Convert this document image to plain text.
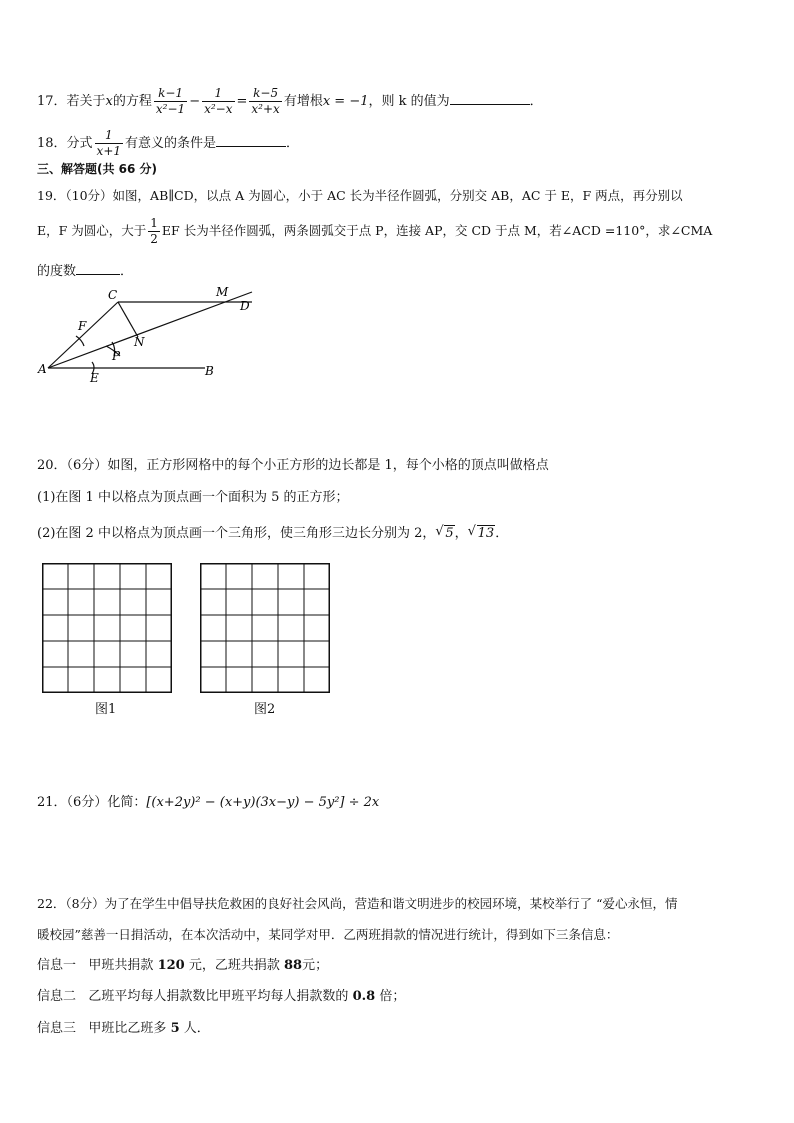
17．若关于x的方程 $\frac{k-1}{\text{x²−1}} - \frac{1}{\text{x²−x}} = \frac{k-5}{\text{x²+x}}$ 有增根x = −1，则 k 的值为	．
18．分式 $\frac{1}{x+1}$ 有意义的条件是	．
三、解答题(共 66 分)
19．（10分）如图，AB∥CD，以点 A 为圆心，小于 AC 长为半径作圆弧，分别交 AB，AC 于 E，F 两点，再分别以
E，F 为圆心，大于 $\frac{1}{2}$ EF 长为半径作圆弧，两条圆弧交于点 P，连接 AP，交 CD 于点 M，若∠ACD =110°，求∠CMA
的度数	．
A	B
C
D
E
F
M
N
P
20．（6分）如图，正方形网格中的每个小正方形的边长都是 1，每个小格的顶点叫做格点
(1)在图 1 中以格点为顶点画一个面积为 5 的正方形；
(2)在图 2 中以格点为顶点画一个三角形，使三角形三边长分别为 2， √ 5， √ 13．
图1	图2
21．（6分）化简：[(x+2y)² − (x+y)(3x−y) − 5y²] ÷ 2x
22．（8分）为了在学生中倡导扶危救困的良好社会风尚，营造和谐文明进步的校园环境，某校举行了 “爱心永恒，情
暖校园”慈善一日捐活动，在本次活动中，某同学对甲．乙两班捐款的情况进行统计，得到如下三条信息：
信息一 甲班共捐款 120 元，乙班共捐款 88元；
信息二 乙班平均每人捐款数比甲班平均每人捐款数的 0.8 倍；
信息三 甲班比乙班多 5 人．
